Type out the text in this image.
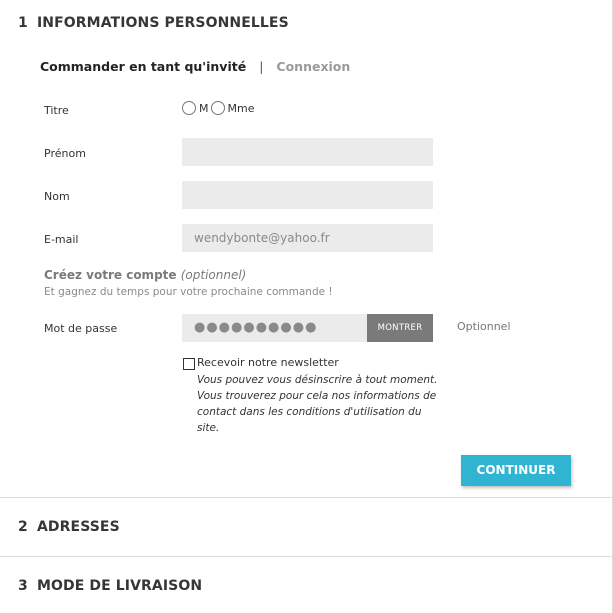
1 INFORMATIONS PERSONNELLES
Commander en tant qu'invité | Connexion
Titre	M Mme
Prénom
Nom
E-mail	wendybonte@yahoo.fr
Créez votre compte (optionnel)
Et gagnez du temps pour votre prochaine commande !
Mot de passe	●●●●●●●●●●	MONTRER	Optionnel
Recevoir notre newsletter
Vous pouvez vous désinscrire à tout moment. Vous trouverez pour cela nos informations de contact dans les conditions d'utilisation du site.
CONTINUER
2 ADRESSES
3 MODE DE LIVRAISON
